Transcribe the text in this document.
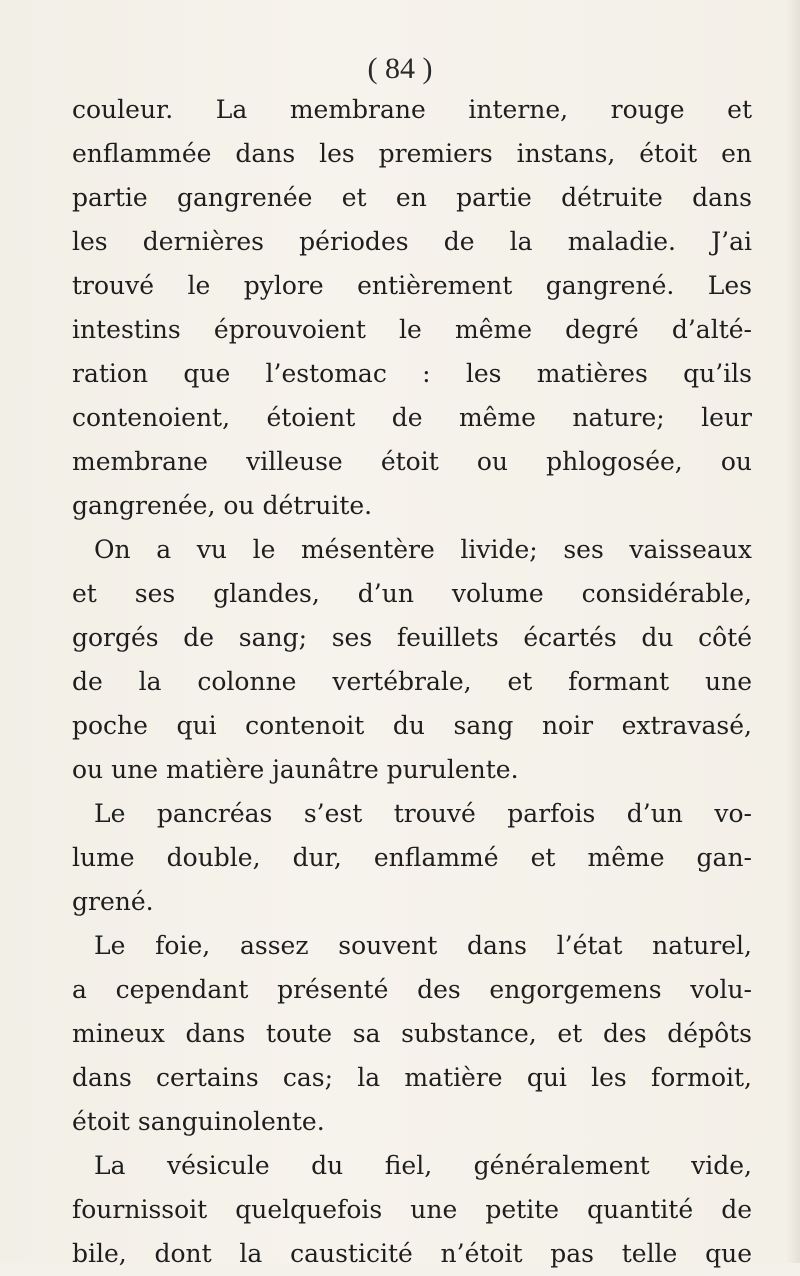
( 84 )

couleur. La membrane interne, rouge et
enflammée dans les premiers instans, étoit en
partie gangrenée et en partie détruite dans
les dernières périodes de la maladie. J’ai
trouvé le pylore entièrement gangrené. Les
intestins éprouvoient le même degré d’alté-
ration que l’estomac : les matières qu’ils
contenoient, étoient de même nature; leur
membrane villeuse étoit ou phlogosée, ou
gangrenée, ou détruite.
On a vu le mésentère livide; ses vaisseaux
et ses glandes, d’un volume considérable,
gorgés de sang; ses feuillets écartés du côté
de la colonne vertébrale, et formant une
poche qui contenoit du sang noir extravasé,
ou une matière jaunâtre purulente.
Le pancréas s’est trouvé parfois d’un vo-
lume double, dur, enflammé et même gan-
grené.
Le foie, assez souvent dans l’état naturel,
a cependant présenté des engorgemens volu-
mineux dans toute sa substance, et des dépôts
dans certains cas; la matière qui les formoit,
étoit sanguinolente.
La vésicule du fiel, généralement vide,
fournissoit quelquefois une petite quantité de
bile, dont la causticité n’étoit pas telle que
